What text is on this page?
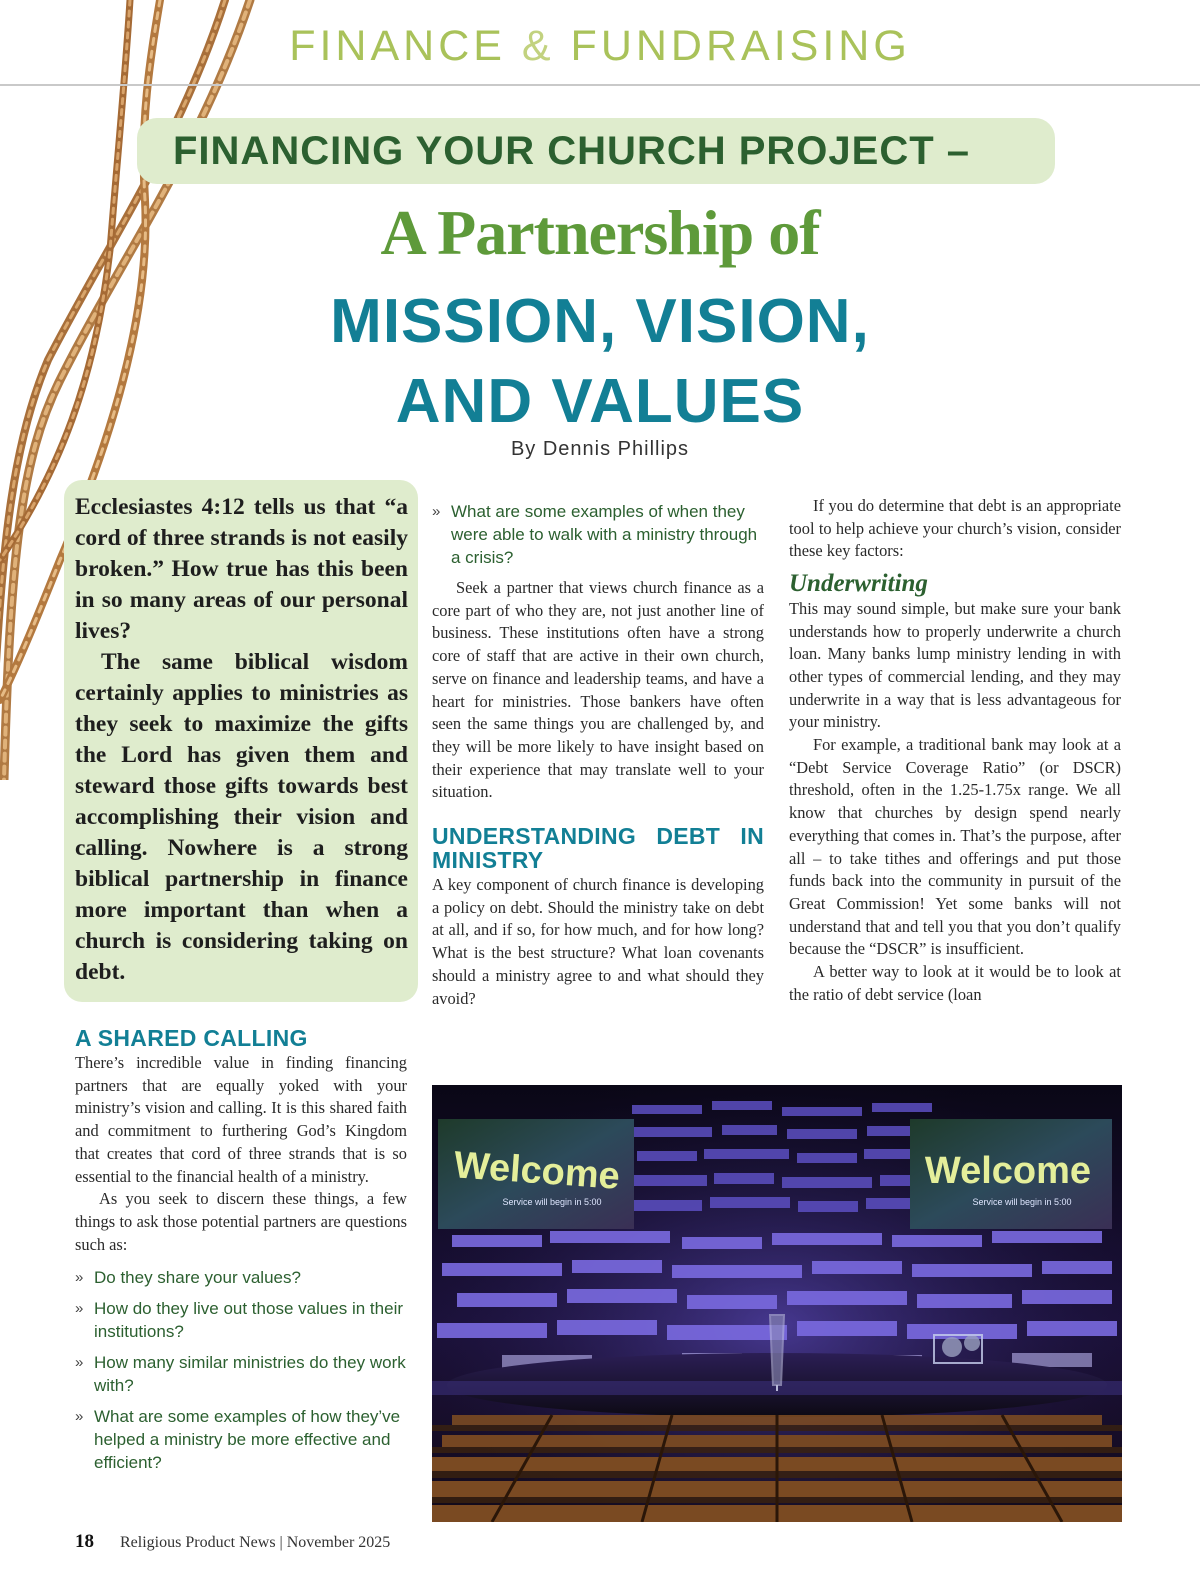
FINANCE & FUNDRAISING
FINANCING YOUR CHURCH PROJECT –
A Partnership of
MISSION, VISION,
AND VALUES
By Dennis Phillips

Ecclesiastes 4:12 tells us that “a cord of three strands is not easily broken.” How true has this been in so many areas of our personal lives?

The same biblical wisdom certainly applies to ministries as they seek to maximize the gifts the Lord has given them and steward those gifts towards best accomplishing their vision and calling. Nowhere is a strong biblical partnership in finance more important than when a church is considering taking on debt.

A SHARED CALLING

There’s incredible value in finding financing partners that are equally yoked with your ministry’s vision and calling. It is this shared faith and commitment to furthering God’s Kingdom that creates that cord of three strands that is so essential to the financial health of a ministry.

As you seek to discern these things, a few things to ask those potential partners are questions such as:

» Do they share your values?
» How do they live out those values in their institutions?
» How many similar ministries do they work with?
» What are some examples of how they’ve helped a ministry be more effective and efficient?
» What are some examples of when they were able to walk with a ministry through a crisis?

Seek a partner that views church finance as a core part of who they are, not just another line of business. These institutions often have a strong core of staff that are active in their own church, serve on finance and leadership teams, and have a heart for ministries. Those bankers have often seen the same things you are challenged by, and they will be more likely to have insight based on their experience that may translate well to your situation.

UNDERSTANDING DEBT IN MINISTRY

A key component of church finance is developing a policy on debt. Should the ministry take on debt at all, and if so, for how much, and for how long? What is the best structure? What loan covenants should a ministry agree to and what should they avoid?

If you do determine that debt is an appropriate tool to help achieve your church’s vision, consider these key factors:

Underwriting

This may sound simple, but make sure your bank understands how to properly underwrite a church loan. Many banks lump ministry lending in with other types of commercial lending, and they may underwrite in a way that is less advantageous for your ministry.

For example, a traditional bank may look at a “Debt Service Coverage Ratio” (or DSCR) threshold, often in the 1.25-1.75x range. We all know that churches by design spend nearly everything that comes in. That’s the purpose, after all – to take tithes and offerings and put those funds back into the community in pursuit of the Great Commission! Yet some banks will not understand that and tell you that you don’t qualify because the “DSCR” is insufficient.

A better way to look at it would be to look at the ratio of debt service (loan

Welcome
Service will begin in 5:00
Welcome
Service will begin in 5:00
18 Religious Product News | November 2025
